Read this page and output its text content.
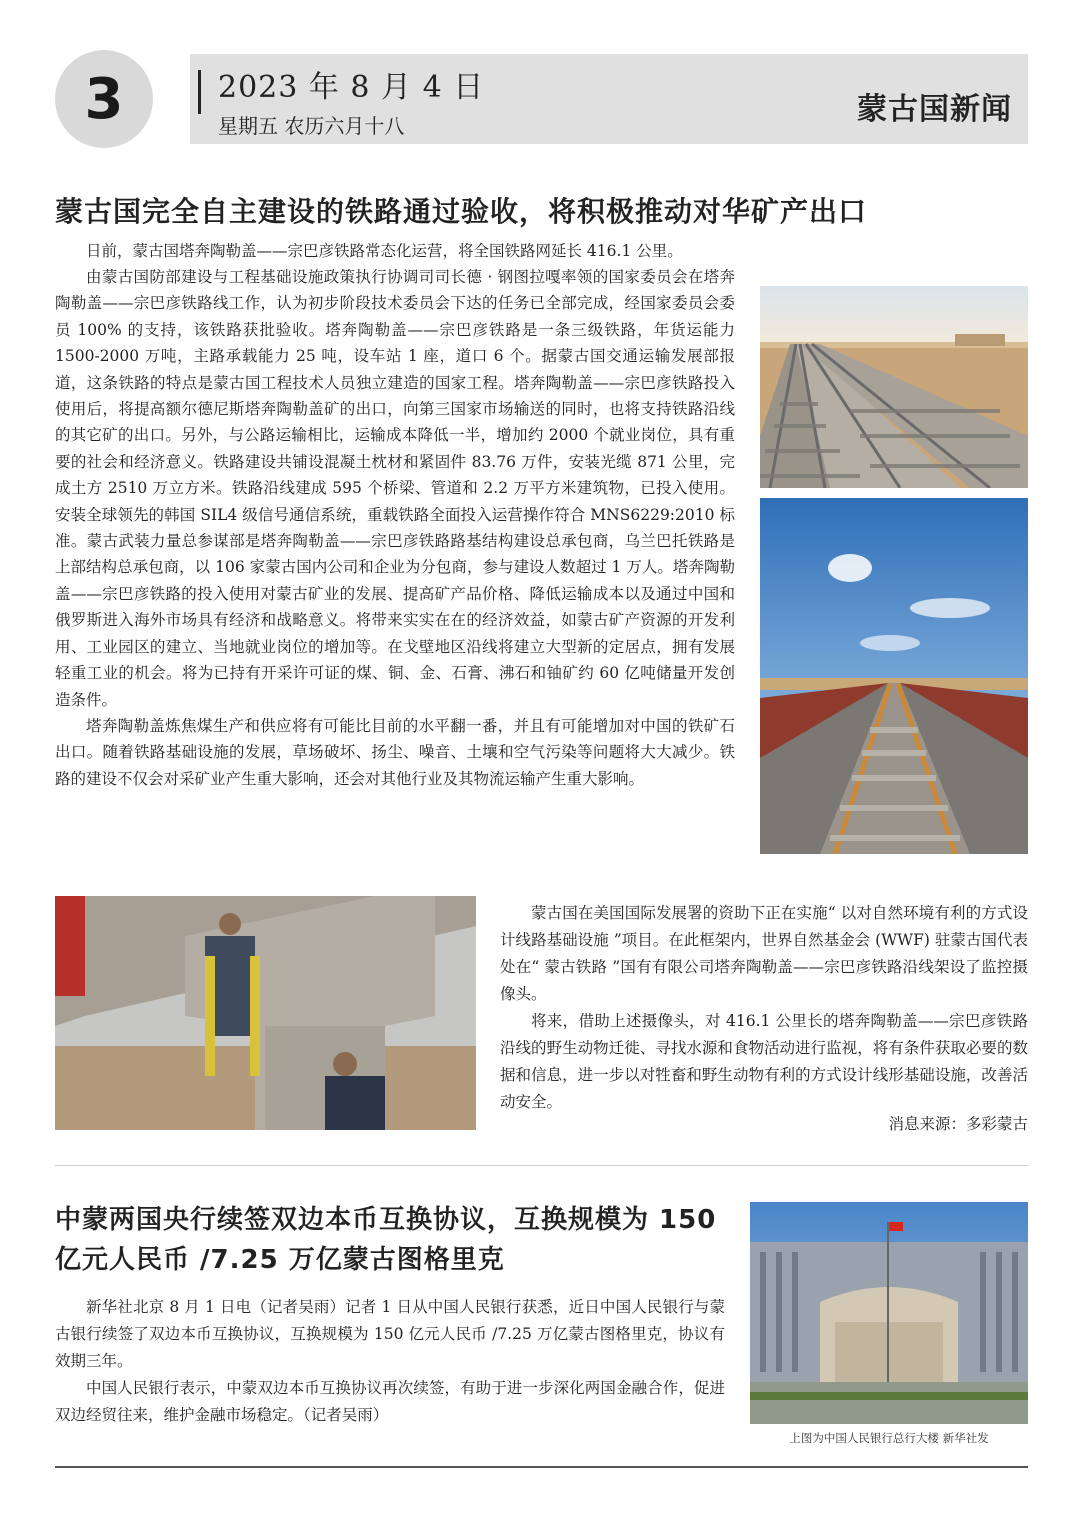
3	2023 年 8 月 4 日
星期五 农历六月十八	蒙古国新闻
蒙古国完全自主建设的铁路通过验收，将积极推动对华矿产出口

日前，蒙古国塔奔陶勒盖——宗巴彦铁路常态化运营，将全国铁路网延长 416.1 公里。

由蒙古国防部建设与工程基础设施政策执行协调司司长德 · 钢图拉嘎率领的国家委员会在塔奔陶勒盖——宗巴彦铁路线工作，认为初步阶段技术委员会下达的任务已全部完成，经国家委员会委员 100% 的支持，该铁路获批验收。塔奔陶勒盖——宗巴彦铁路是一条三级铁路，年货运能力 1500-2000 万吨，主路承载能力 25 吨，设车站 1 座，道口 6 个。据蒙古国交通运输发展部报道，这条铁路的特点是蒙古国工程技术人员独立建造的国家工程。塔奔陶勒盖——宗巴彦铁路投入使用后，将提高额尔德尼斯塔奔陶勒盖矿的出口，向第三国家市场输送的同时，也将支持铁路沿线的其它矿的出口。另外，与公路运输相比，运输成本降低一半，增加约 2000 个就业岗位，具有重要的社会和经济意义。铁路建设共铺设混凝土枕材和紧固件 83.76 万件，安装光缆 871 公里，完成土方 2510 万立方米。铁路沿线建成 595 个桥梁、管道和 2.2 万平方米建筑物，已投入使用。安装全球领先的韩国 SIL4 级信号通信系统，重载铁路全面投入运营操作符合 MNS6229:2010 标准。蒙古武装力量总参谋部是塔奔陶勒盖——宗巴彦铁路路基结构建设总承包商，乌兰巴托铁路是上部结构总承包商，以 106 家蒙古国内公司和企业为分包商，参与建设人数超过 1 万人。塔奔陶勒盖——宗巴彦铁路的投入使用对蒙古矿业的发展、提高矿产品价格、降低运输成本以及通过中国和俄罗斯进入海外市场具有经济和战略意义。将带来实实在在的经济效益，如蒙古矿产资源的开发利用、工业园区的建立、当地就业岗位的增加等。在戈壁地区沿线将建立大型新的定居点，拥有发展轻重工业的机会。将为已持有开采许可证的煤、铜、金、石膏、沸石和铀矿约 60 亿吨储量开发创造条件。

塔奔陶勒盖炼焦煤生产和供应将有可能比目前的水平翻一番，并且有可能增加对中国的铁矿石出口。随着铁路基础设施的发展，草场破坏、扬尘、噪音、土壤和空气污染等问题将大大减少。铁路的建设不仅会对采矿业产生重大影响，还会对其他行业及其物流运输产生重大影响。

蒙古国在美国国际发展署的资助下正在实施“ 以对自然环境有利的方式设计线路基础设施 ”项目。在此框架内，世界自然基金会 (WWF) 驻蒙古国代表处在“ 蒙古铁路 ”国有有限公司塔奔陶勒盖——宗巴彦铁路沿线架设了监控摄像头。

将来，借助上述摄像头，对 416.1 公里长的塔奔陶勒盖——宗巴彦铁路沿线的野生动物迁徙、寻找水源和食物活动进行监视，将有条件获取必要的数据和信息，进一步以对牲畜和野生动物有利的方式设计线形基础设施，改善活动安全。

消息来源：多彩蒙古
中蒙两国央行续签双边本币互换协议，互换规模为 150 亿元人民币 /7.25 万亿蒙古图格里克

新华社北京 8 月 1 日电（记者吴雨）记者 1 日从中国人民银行获悉，近日中国人民银行与蒙古银行续签了双边本币互换协议，互换规模为 150 亿元人民币 /7.25 万亿蒙古图格里克，协议有效期三年。

中国人民银行表示，中蒙双边本币互换协议再次续签，有助于进一步深化两国金融合作，促进双边经贸往来，维护金融市场稳定。（记者吴雨）

上图为中国人民银行总行大楼 新华社发
